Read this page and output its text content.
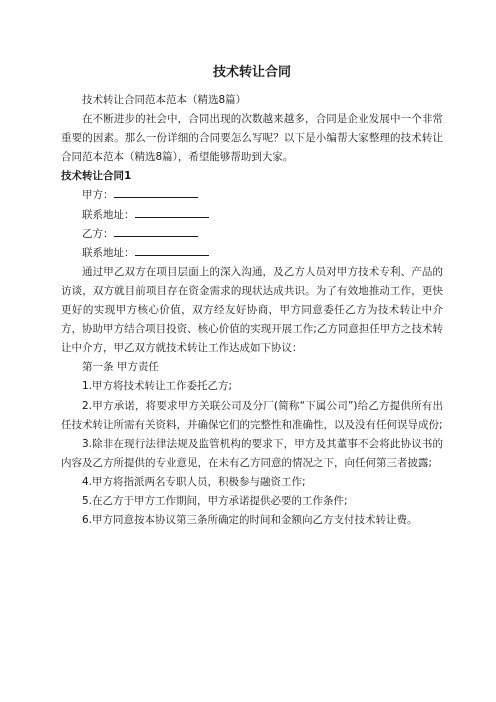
技术转让合同

技术转让合同范本范本（精选8篇）

在不断进步的社会中，合同出现的次数越来越多，合同是企业发展中一个非常重要的因素。那么一份详细的合同要怎么写呢？以下是小编帮大家整理的技术转让合同范本范本（精选8篇），希望能够帮助到大家。

技术转让合同1

甲方：

联系地址：

乙方：

联系地址：

通过甲乙双方在项目层面上的深入沟通，及乙方人员对甲方技术专利、产品的访谈，双方就目前项目存在资金需求的现状达成共识。为了有效地推动工作，更快更好的实现甲方核心价值，双方经友好协商，甲方同意委任乙方为技术转让中介方，协助甲方结合项目投资、核心价值的实现开展工作;乙方同意担任甲方之技术转让中介方，甲乙双方就技术转让工作达成如下协议：

第一条 甲方责任

1.甲方将技术转让工作委托乙方;

2.甲方承诺，将要求甲方关联公司及分厂(简称“下属公司”)给乙方提供所有出任技术转让所需有关资料，并确保它们的完整性和准确性，以及没有任何误导成份;

3.除非在现行法律法规及监管机构的要求下，甲方及其董事不会将此协议书的内容及乙方所提供的专业意见，在未有乙方同意的情况之下，向任何第三者披露;

4.甲方将指派两名专职人员，积极参与融资工作;

5.在乙方于甲方工作期间，甲方承诺提供必要的工作条件;

6.甲方同意按本协议第三条所确定的时间和金额向乙方支付技术转让费。
